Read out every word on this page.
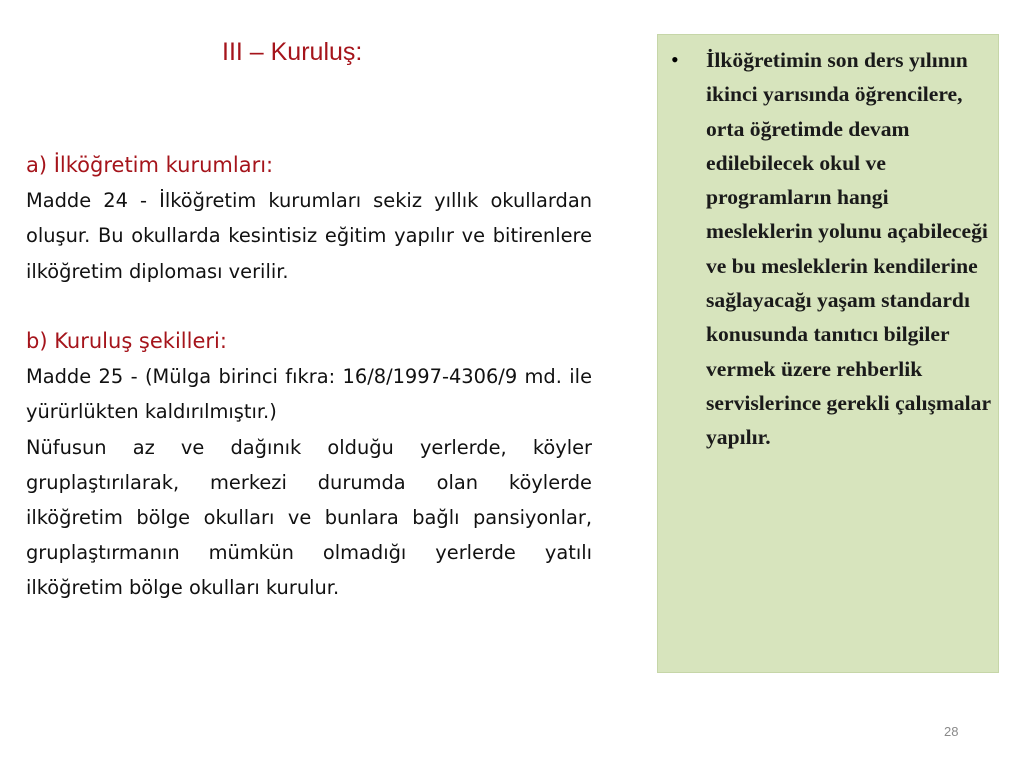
III – Kuruluş:
a) İlköğretim kurumları:

Madde 24 - İlköğretim kurumları sekiz yıllık okullardan oluşur. Bu okullarda kesintisiz eğitim yapılır ve bitirenlere ilköğretim diploması verilir.

b) Kuruluş şekilleri:

Madde 25 - (Mülga birinci fıkra: 16/8/1997-4306/9 md. ile yürürlükten kaldırılmıştır.)

Nüfusun az ve dağınık olduğu yerlerde, köyler gruplaştırılarak, merkezi durumda olan köylerde ilköğretim bölge okulları ve bunlara bağlı pansiyonlar, gruplaştırmanın mümkün olmadığı yerlerde yatılı ilköğretim bölge okulları kurulur.

• İlköğretimin son ders yılının ikinci yarısında öğrencilere, orta öğretimde devam edilebilecek okul ve programların hangi mesleklerin yolunu açabileceği ve bu mesleklerin kendilerine sağlayacağı yaşam standardı konusunda tanıtıcı bilgiler vermek üzere rehberlik servislerince gerekli çalışmalar yapılır.

28
